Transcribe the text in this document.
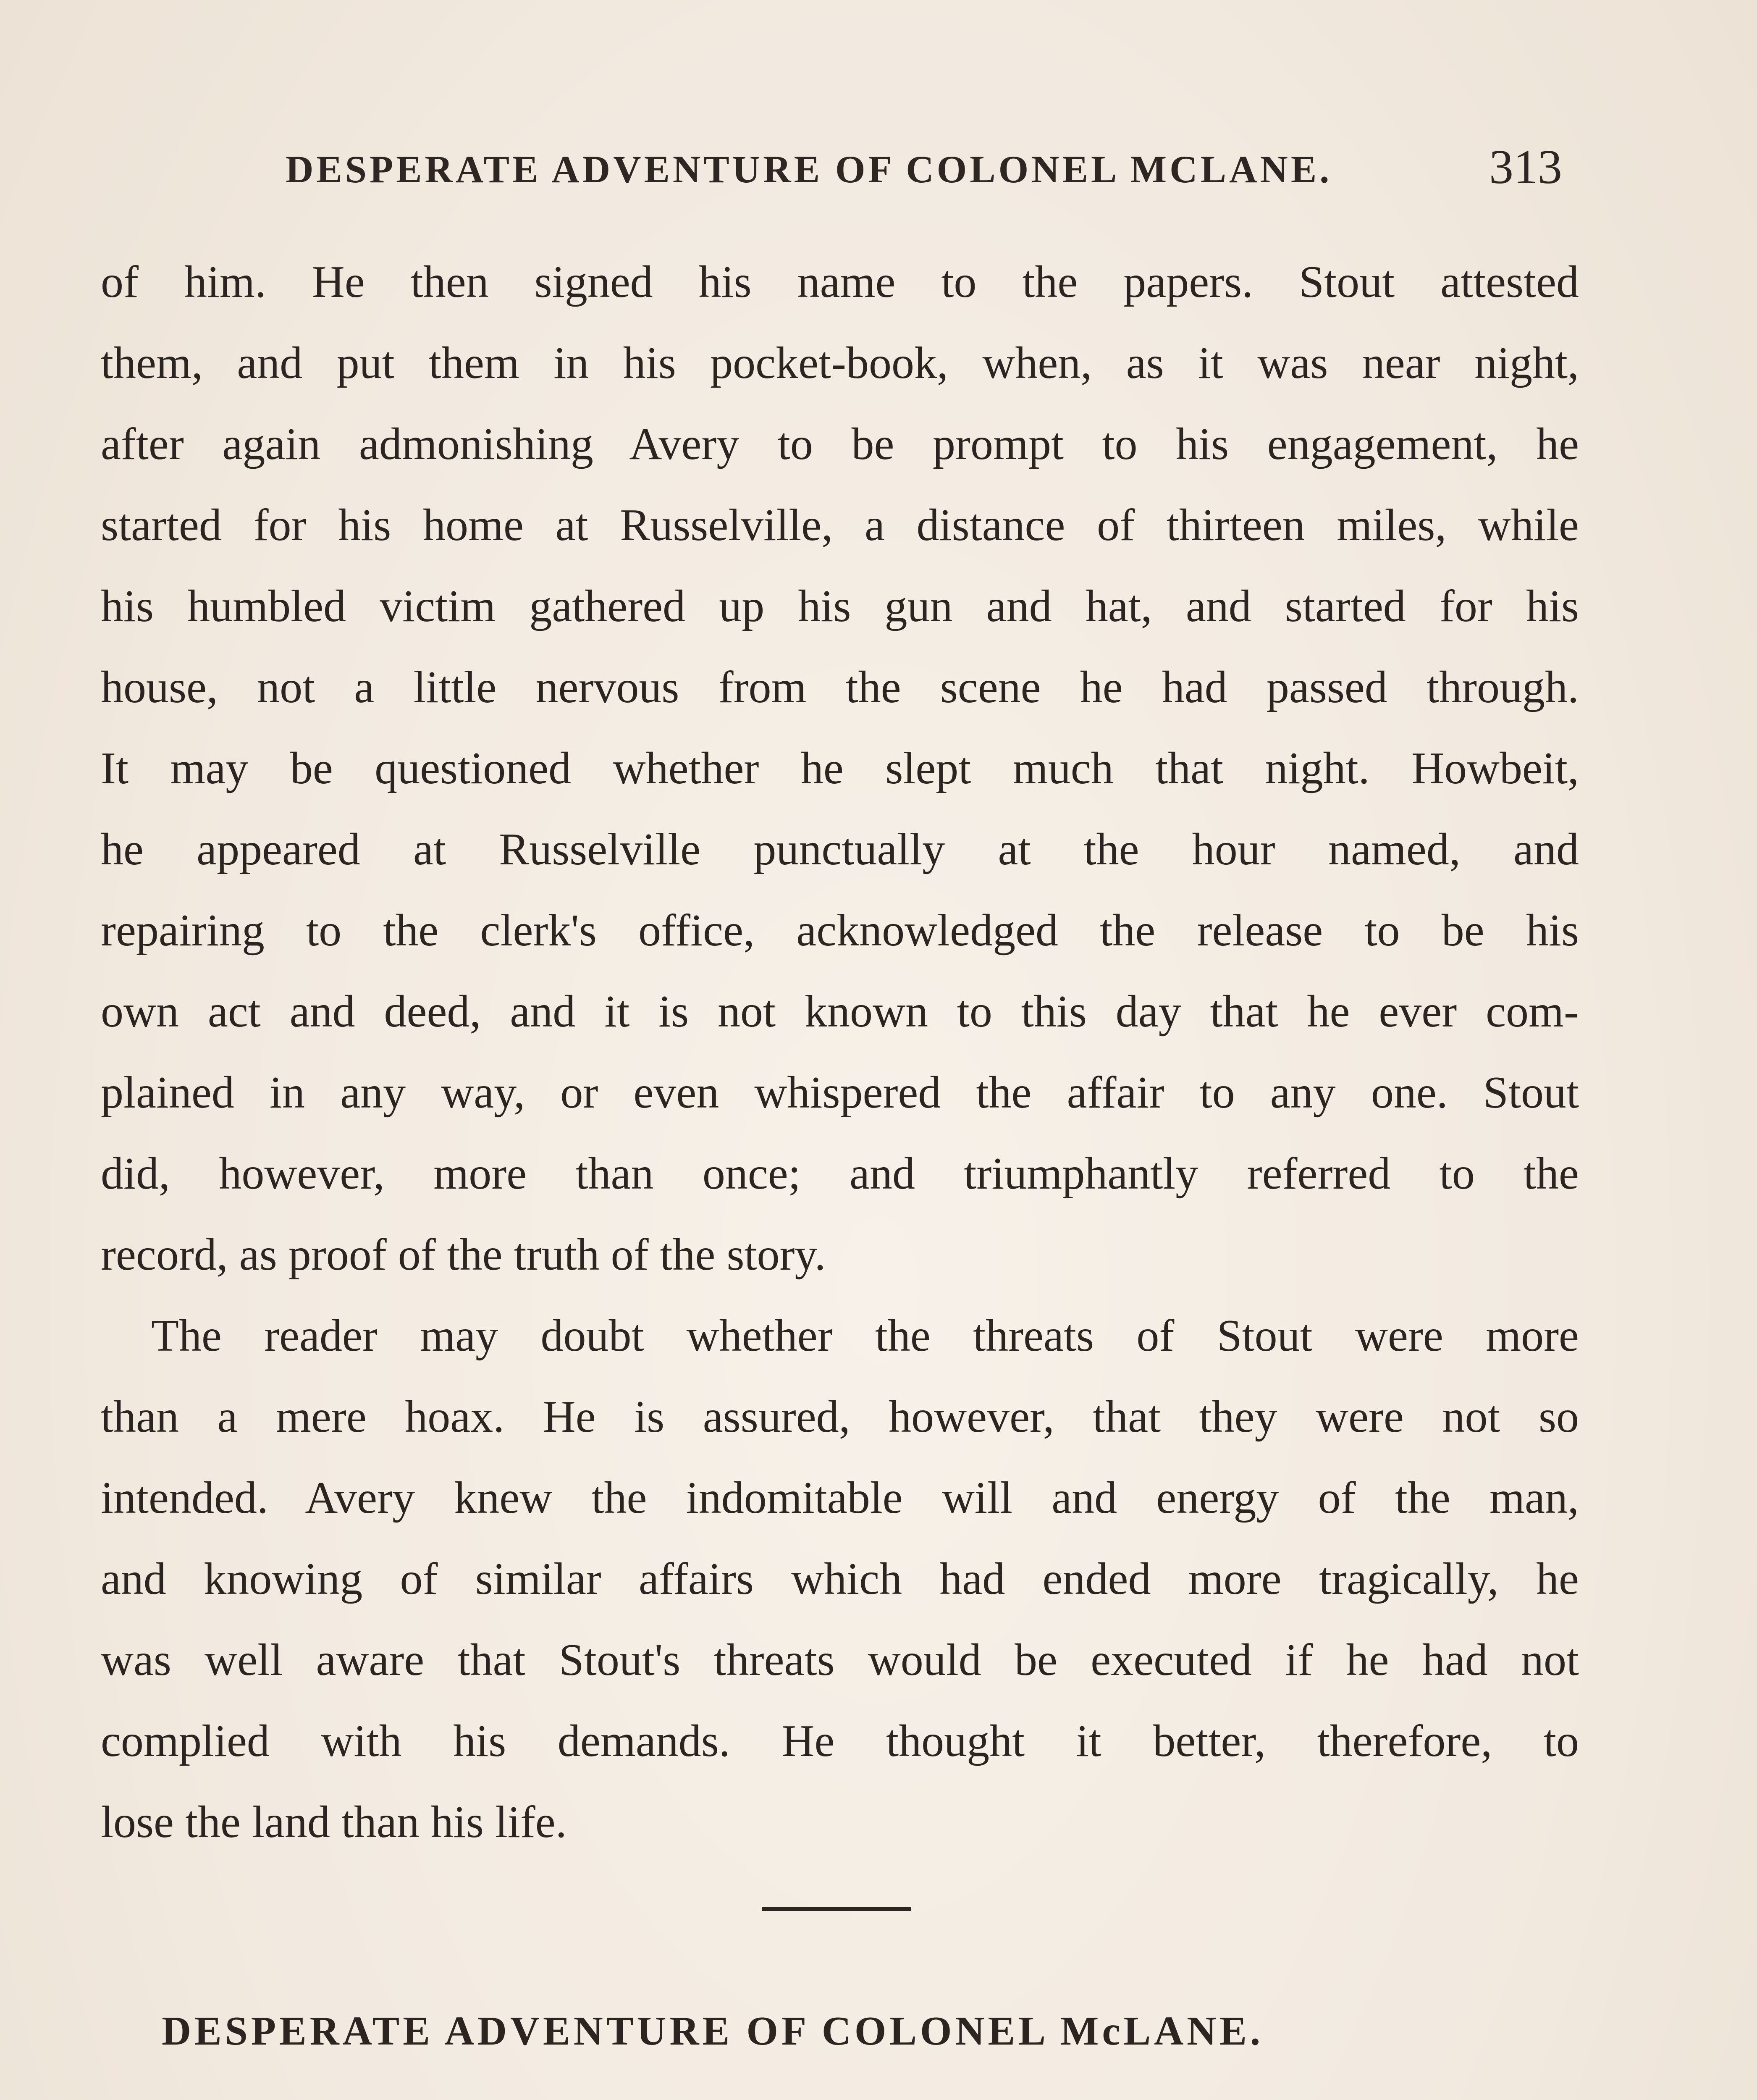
DESPERATE ADVENTURE OF COLONEL MCLANE.	313
of him. He then signed his name to the papers. Stout attested
them, and put them in his pocket-book, when, as it was near night,
after again admonishing Avery to be prompt to his engagement, he
started for his home at Russelville, a distance of thirteen miles, while
his humbled victim gathered up his gun and hat, and started for his
house, not a little nervous from the scene he had passed through.
It may be questioned whether he slept much that night. Howbeit,
he appeared at Russelville punctually at the hour named, and
repairing to the clerk's office, acknowledged the release to be his
own act and deed, and it is not known to this day that he ever com-
plained in any way, or even whispered the affair to any one. Stout
did, however, more than once; and triumphantly referred to the
record, as proof of the truth of the story.
The reader may doubt whether the threats of Stout were more
than a mere hoax. He is assured, however, that they were not so
intended. Avery knew the indomitable will and energy of the man,
and knowing of similar affairs which had ended more tragically, he
was well aware that Stout's threats would be executed if he had not
complied with his demands. He thought it better, therefore, to
lose the land than his life.
DESPERATE ADVENTURE OF COLONEL McLANE.
